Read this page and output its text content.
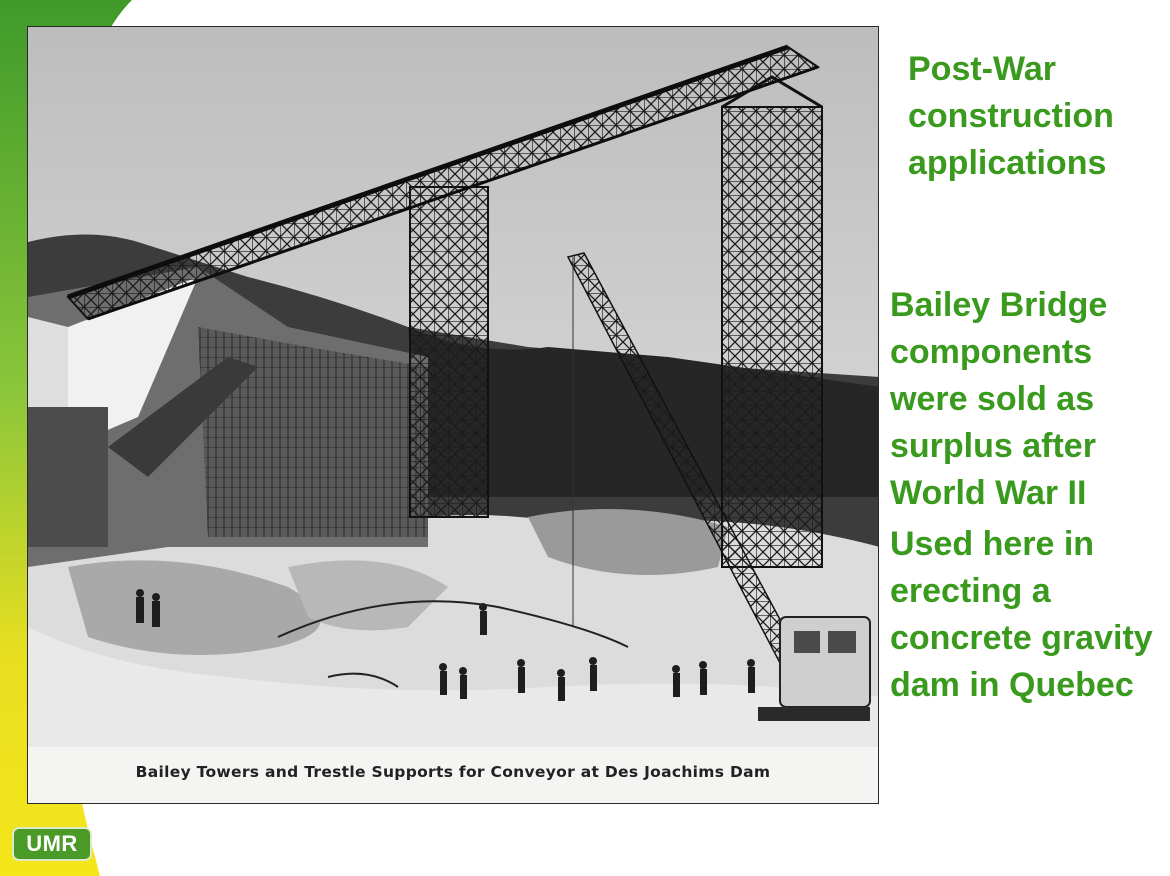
Bailey Towers and Trestle Supports for Conveyor at Des Joachims Dam
Post-War construction applications

Bailey Bridge components were sold as surplus after World War II

Used here in erecting a concrete gravity dam in Quebec

UMR
